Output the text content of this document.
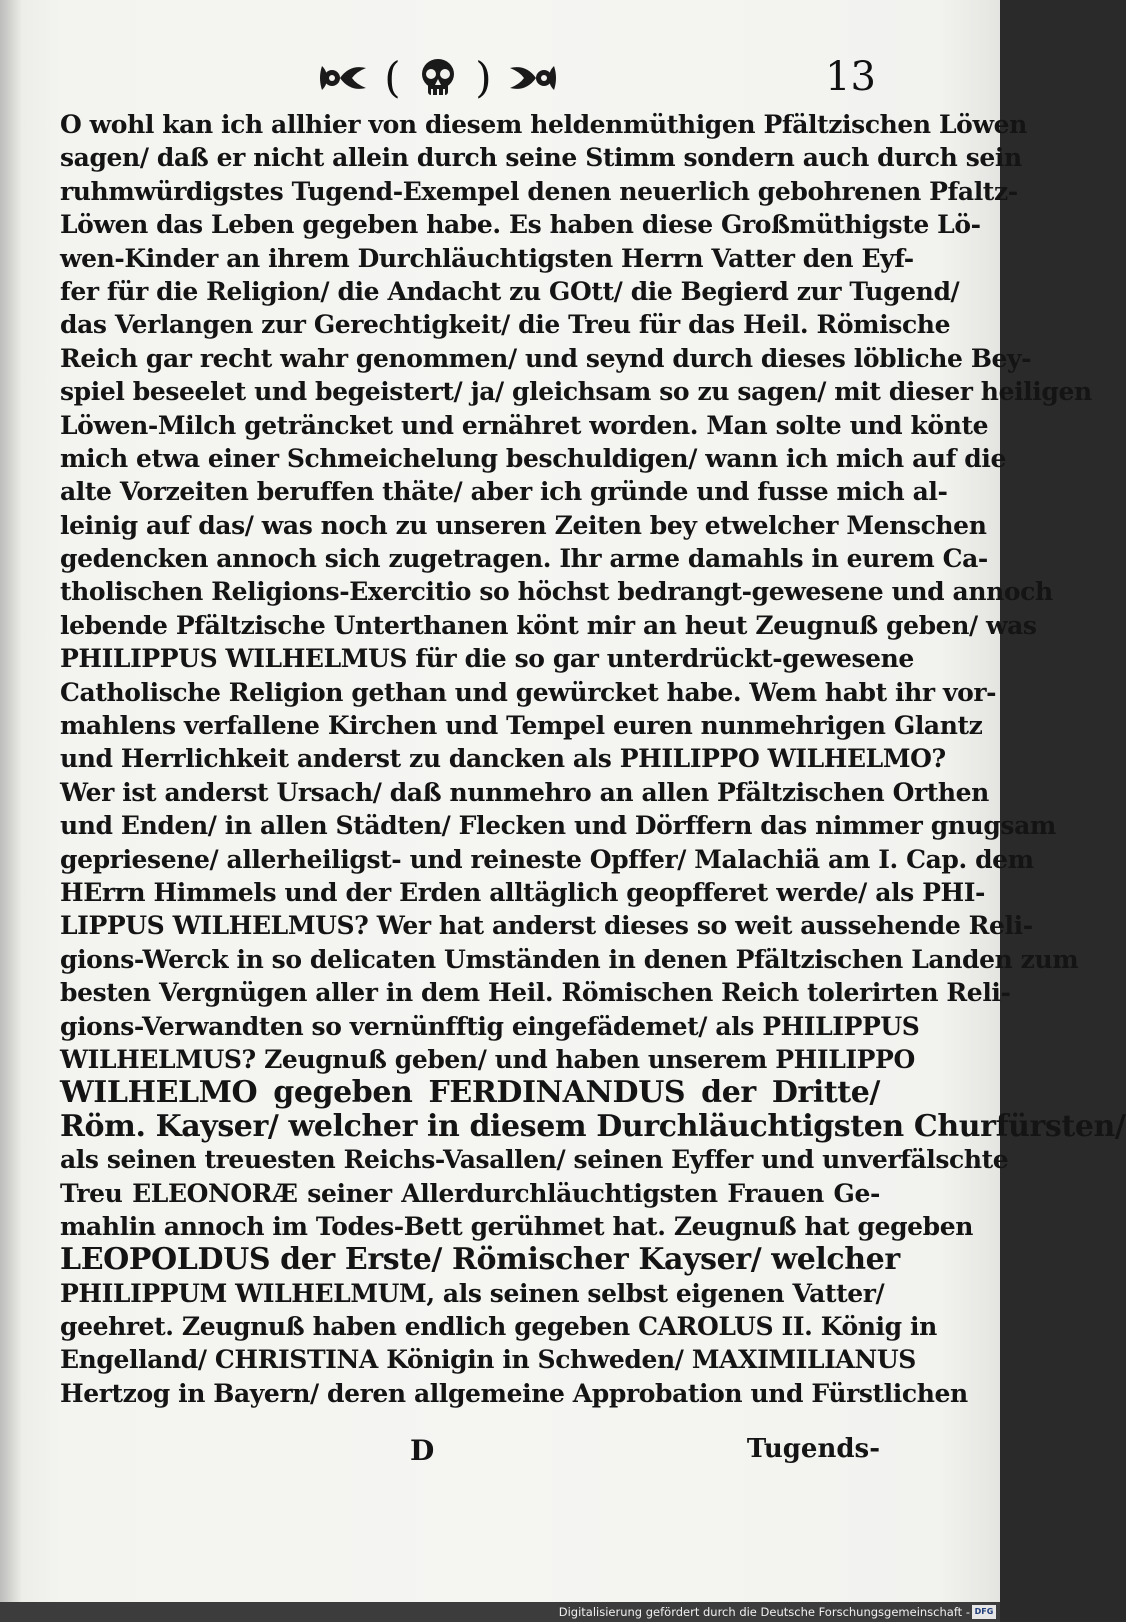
( )	13
O wohl kan ich allhier von diesem heldenmüthigen Pfältzischen Löwen
sagen/ daß er nicht allein durch seine Stimm sondern auch durch sein
ruhmwürdigstes Tugend-Exempel denen neuerlich gebohrenen Pfaltz-
Löwen das Leben gegeben habe. Es haben diese Großmüthigste Lö-
wen-Kinder an ihrem Durchläuchtigsten Herrn Vatter den Eyf-
fer für die Religion/ die Andacht zu GOtt/ die Begierd zur Tugend/
das Verlangen zur Gerechtigkeit/ die Treu für das Heil. Römische
Reich gar recht wahr genommen/ und seynd durch dieses löbliche Bey-
spiel beseelet und begeistert/ ja/ gleichsam so zu sagen/ mit dieser heiligen
Löwen-Milch geträncket und ernähret worden. Man solte und könte
mich etwa einer Schmeichelung beschuldigen/ wann ich mich auf die
alte Vorzeiten beruffen thäte/ aber ich gründe und fusse mich al-
leinig auf das/ was noch zu unseren Zeiten bey etwelcher Menschen
gedencken annoch sich zugetragen. Ihr arme damahls in eurem Ca-
tholischen Religions-Exercitio so höchst bedrangt-gewesene und annoch
lebende Pfältzische Unterthanen könt mir an heut Zeugnuß geben/ was
PHILIPPUS WILHELMUS für die so gar unterdrückt-gewesene
Catholische Religion gethan und gewürcket habe. Wem habt ihr vor-
mahlens verfallene Kirchen und Tempel euren nunmehrigen Glantz
und Herrlichkeit anderst zu dancken als PHILIPPO WILHELMO?
Wer ist anderst Ursach/ daß nunmehro an allen Pfältzischen Orthen
und Enden/ in allen Städten/ Flecken und Dörffern das nimmer gnugsam
gepriesene/ allerheiligst- und reineste Opffer/ Malachiä am I. Cap. dem
HErrn Himmels und der Erden alltäglich geopfferet werde/ als PHI-
LIPPUS WILHELMUS? Wer hat anderst dieses so weit aussehende Reli-
gions-Werck in so delicaten Umständen in denen Pfältzischen Landen zum
besten Vergnügen aller in dem Heil. Römischen Reich tolerirten Reli-
gions-Verwandten so vernünfftig eingefädemet/ als PHILIPPUS
WILHELMUS? Zeugnuß geben/ und haben unserem PHILIPPO
WILHELMO gegeben FERDINANDUS der Dritte/
Röm. Kayser/ welcher in diesem Durchläuchtigsten Churfürsten/
als seinen treuesten Reichs-Vasallen/ seinen Eyffer und unverfälschte
Treu ELEONORÆ seiner Allerdurchläuchtigsten Frauen Ge-
mahlin annoch im Todes-Bett gerühmet hat. Zeugnuß hat gegeben
LEOPOLDUS der Erste/ Römischer Kayser/ welcher
PHILIPPUM WILHELMUM, als seinen selbst eigenen Vatter/
geehret. Zeugnuß haben endlich gegeben CAROLUS II. König in
Engelland/ CHRISTINA Königin in Schweden/ MAXIMILIANUS
Hertzog in Bayern/ deren allgemeine Approbation und Fürstlichen
D	Tugends-
Digitalisierung gefördert durch die Deutsche Forschungsgemeinschaft - DFG
